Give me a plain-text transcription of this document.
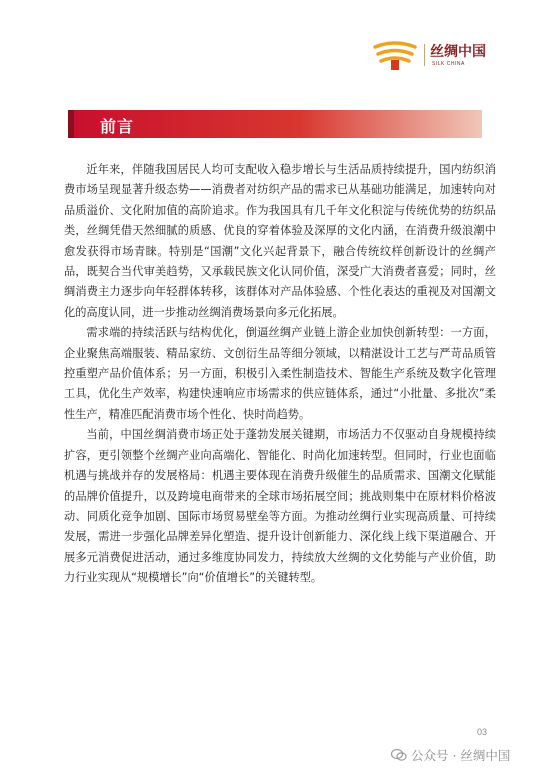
丝绸中国
SILK CHINA
前言

近年来，伴随我国居民人均可支配收入稳步增长与生活品质持续提升，国内纺织消费市场呈现显著升级态势——消费者对纺织产品的需求已从基础功能满足，加速转向对品质溢价、文化附加值的高阶追求。作为我国具有几千年文化积淀与传统优势的纺织品类，丝绸凭借天然细腻的质感、优良的穿着体验及深厚的文化内涵，在消费升级浪潮中愈发获得市场青睐。特别是“国潮”文化兴起背景下，融合传统纹样创新设计的丝绸产品，既契合当代审美趋势，又承载民族文化认同价值，深受广大消费者喜爱；同时，丝绸消费主力逐步向年轻群体转移，该群体对产品体验感、个性化表达的重视及对国潮文化的高度认同，进一步推动丝绸消费场景向多元化拓展。

需求端的持续活跃与结构优化，倒逼丝绸产业链上游企业加快创新转型：一方面，企业聚焦高端服装、精品家纺、文创衍生品等细分领域，以精湛设计工艺与严苛品质管控重塑产品价值体系；另一方面，积极引入柔性制造技术、智能生产系统及数字化管理工具，优化生产效率，构建快速响应市场需求的供应链体系，通过“小批量、多批次”柔性生产，精准匹配消费市场个性化、快时尚趋势。

当前，中国丝绸消费市场正处于蓬勃发展关键期，市场活力不仅驱动自身规模持续扩容，更引领整个丝绸产业向高端化、智能化、时尚化加速转型。但同时，行业也面临机遇与挑战并存的发展格局：机遇主要体现在消费升级催生的品质需求、国潮文化赋能的品牌价值提升，以及跨境电商带来的全球市场拓展空间；挑战则集中在原材料价格波动、同质化竞争加剧、国际市场贸易壁垒等方面。为推动丝绸行业实现高质量、可持续发展，需进一步强化品牌差异化塑造、提升设计创新能力、深化线上线下渠道融合、开展多元消费促进活动，通过多维度协同发力，持续放大丝绸的文化势能与产业价值，助力行业实现从“规模增长”向“价值增长”的关键转型。

03
公众号 · 丝绸中国
